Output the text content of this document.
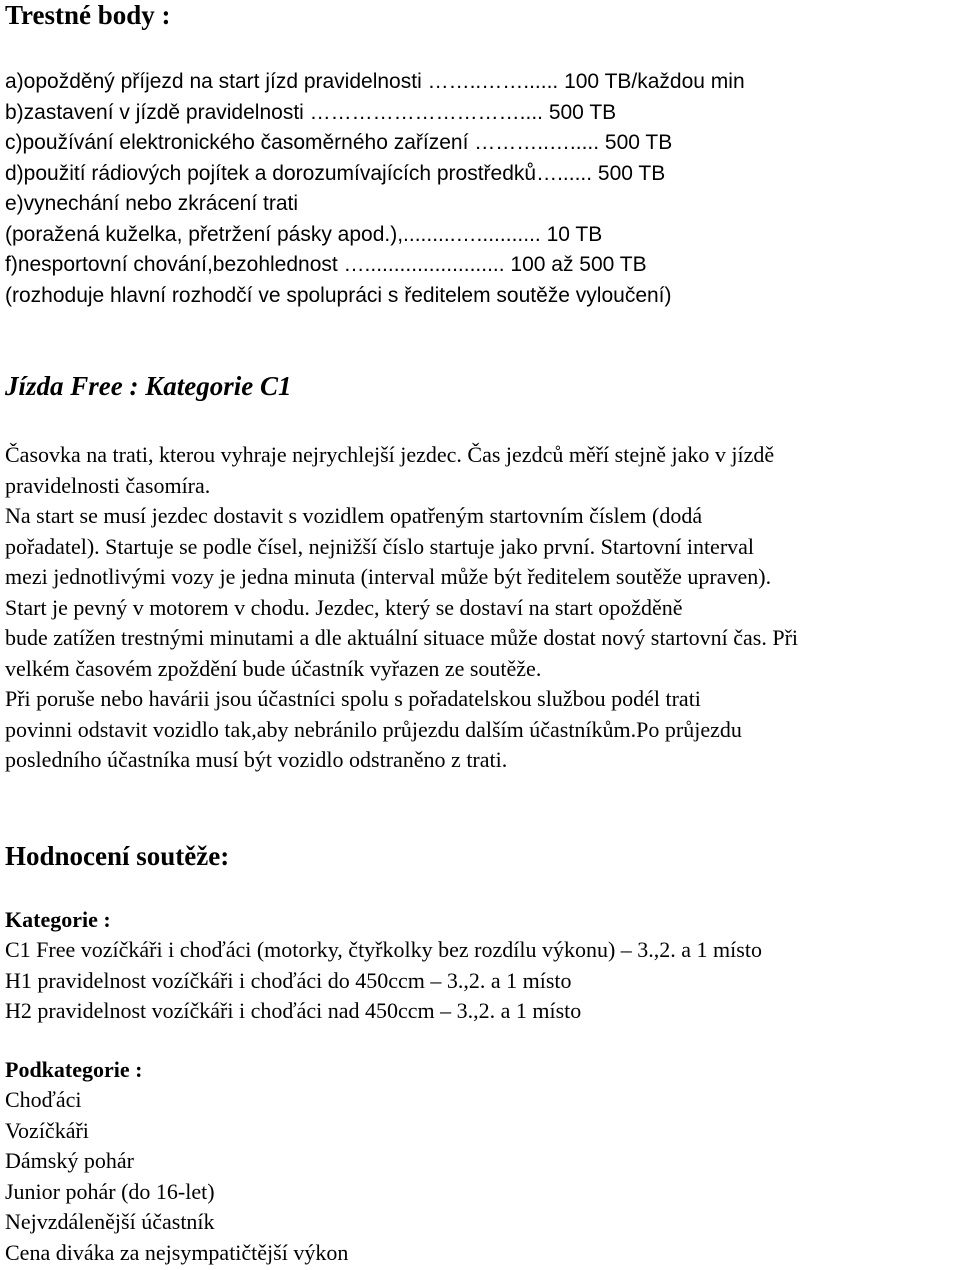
Trestné body :

a)opožděný příjezd na start jízd pravidelnosti ……..……...... 100 TB/každou min

b)zastavení v jízdě pravidelnosti ………………………….... 500 TB

c)používání elektronického časoměrného zařízení ………..…..... 500 TB

d)použití rádiových pojítek a dorozumívajících prostředků…...... 500 TB

e)vynechání nebo zkrácení trati

(poražená kuželka, přetržení pásky apod.),.........…........... 10 TB

f)nesportovní chování,bezohlednost …........................ 100 až 500 TB

(rozhoduje hlavní rozhodčí ve spolupráci s ředitelem soutěže vyloučení)

Jízda Free : Kategorie C1

Časovka na trati, kterou vyhraje nejrychlejší jezdec. Čas jezdců měří stejně jako v jízdě

pravidelnosti časomíra.

Na start se musí jezdec dostavit s vozidlem opatřeným startovním číslem (dodá

pořadatel). Startuje se podle čísel, nejnižší číslo startuje jako první. Startovní interval

mezi jednotlivými vozy je jedna minuta (interval může být ředitelem soutěže upraven).

Start je pevný v motorem v chodu. Jezdec, který se dostaví na start opožděně

bude zatížen trestnými minutami a dle aktuální situace může dostat nový startovní čas. Při

velkém časovém zpoždění bude účastník vyřazen ze soutěže.

Při poruše nebo havárii jsou účastníci spolu s pořadatelskou službou podél trati

povinni odstavit vozidlo tak,aby nebránilo průjezdu dalším účastníkům.Po průjezdu

posledního účastníka musí být vozidlo odstraněno z trati.

Hodnocení soutěže:

Kategorie :

C1 Free vozíčkáři i choďáci (motorky, čtyřkolky bez rozdílu výkonu) – 3.,2. a 1 místo

H1 pravidelnost vozíčkáři i choďáci do 450ccm – 3.,2. a 1 místo

H2 pravidelnost vozíčkáři i choďáci nad 450ccm – 3.,2. a 1 místo

Podkategorie :

Choďáci

Vozíčkáři

Dámský pohár

Junior pohár (do 16-let)

Nejvzdálenější účastník

Cena diváka za nejsympatičtější výkon
